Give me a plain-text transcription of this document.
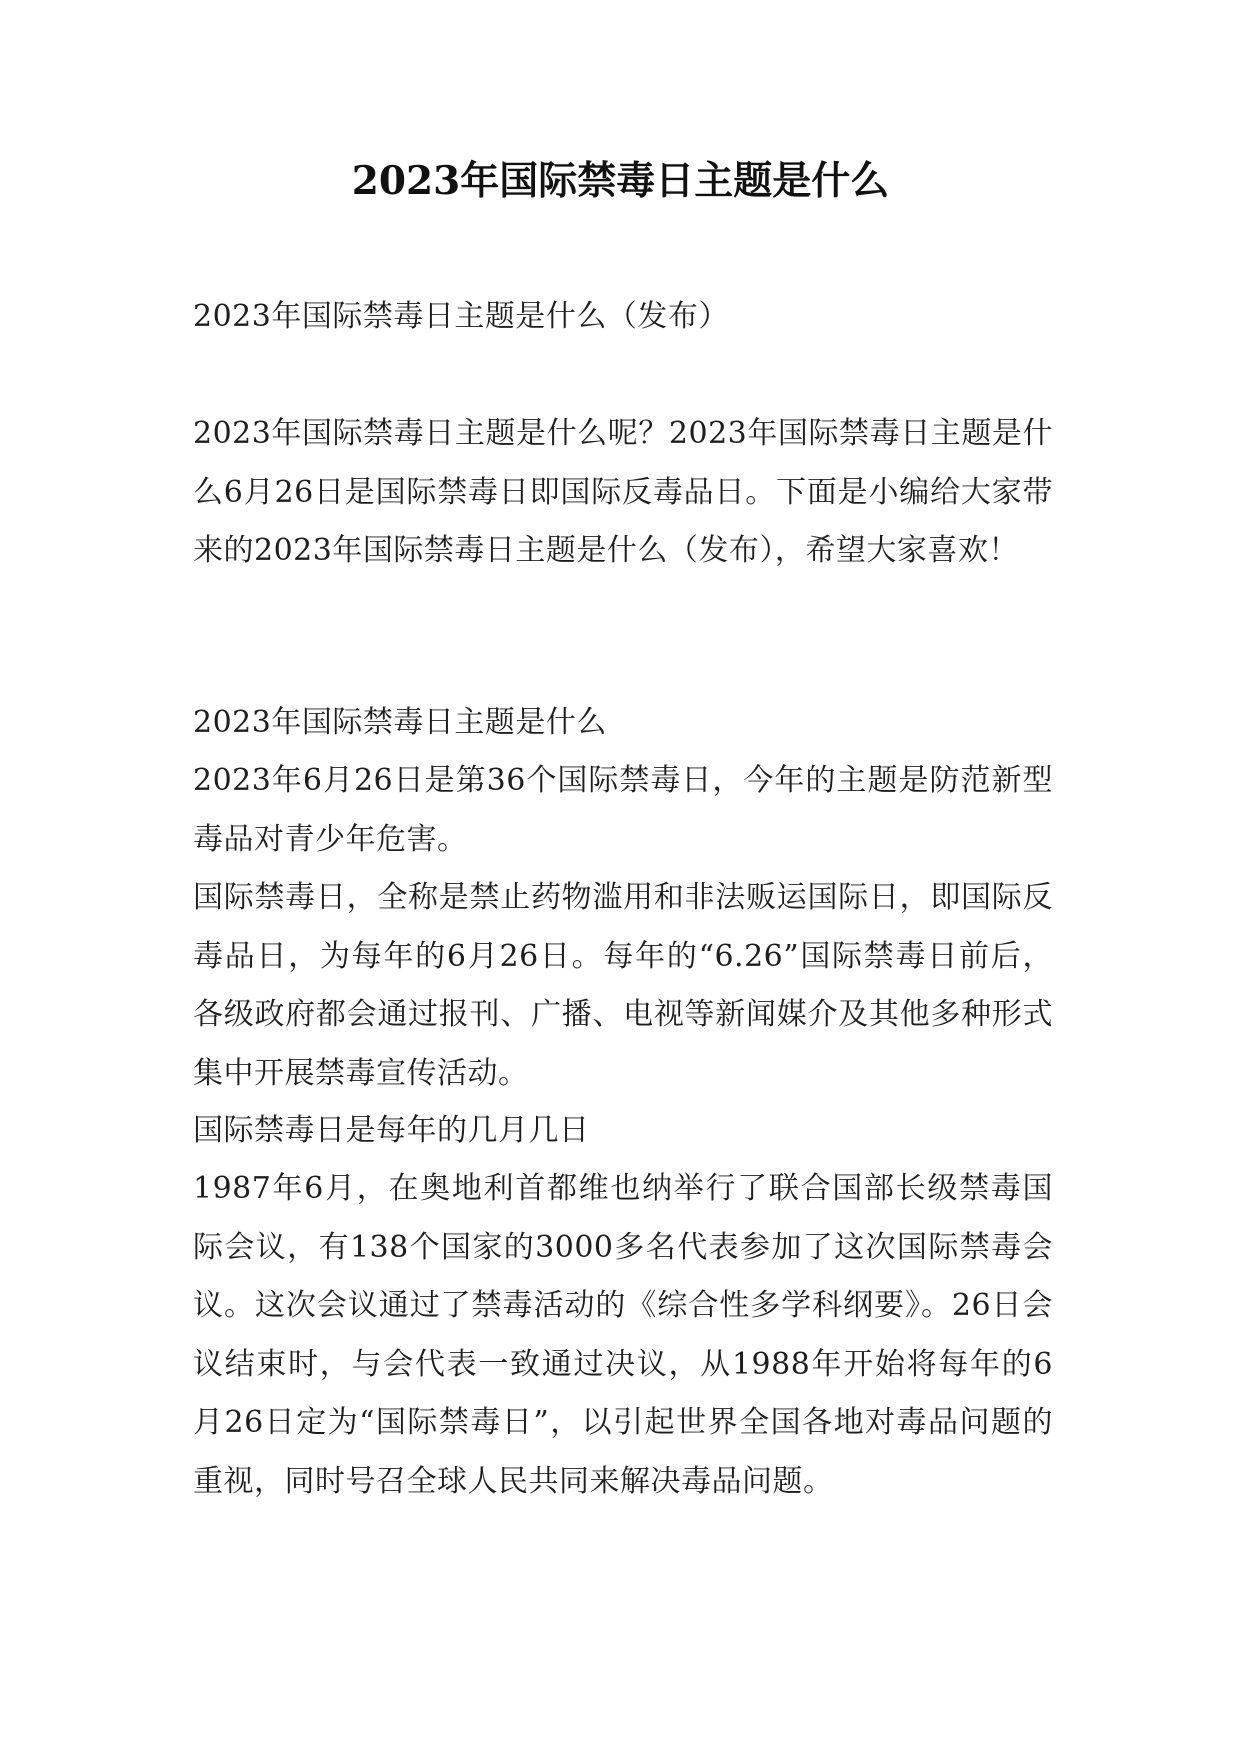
2023年国际禁毒日主题是什么

2023年国际禁毒日主题是什么（发布）

2023年国际禁毒日主题是什么呢？2023年国际禁毒日主题是什么6月26日是国际禁毒日即国际反毒品日。下面是小编给大家带来的2023年国际禁毒日主题是什么（发布），希望大家喜欢！

2023年国际禁毒日主题是什么

2023年6月26日是第36个国际禁毒日，今年的主题是防范新型毒品对青少年危害。

国际禁毒日，全称是禁止药物滥用和非法贩运国际日，即国际反毒品日，为每年的6月26日。每年的“6.26”国际禁毒日前后，各级政府都会通过报刊、广播、电视等新闻媒介及其他多种形式集中开展禁毒宣传活动。

国际禁毒日是每年的几月几日

1987年6月，在奥地利首都维也纳举行了联合国部长级禁毒国际会议，有138个国家的3000多名代表参加了这次国际禁毒会议。这次会议通过了禁毒活动的《综合性多学科纲要》。26日会议结束时，与会代表一致通过决议，从1988年开始将每年的6月26日定为“国际禁毒日”，以引起世界全国各地对毒品问题的重视，同时号召全球人民共同来解决毒品问题。
